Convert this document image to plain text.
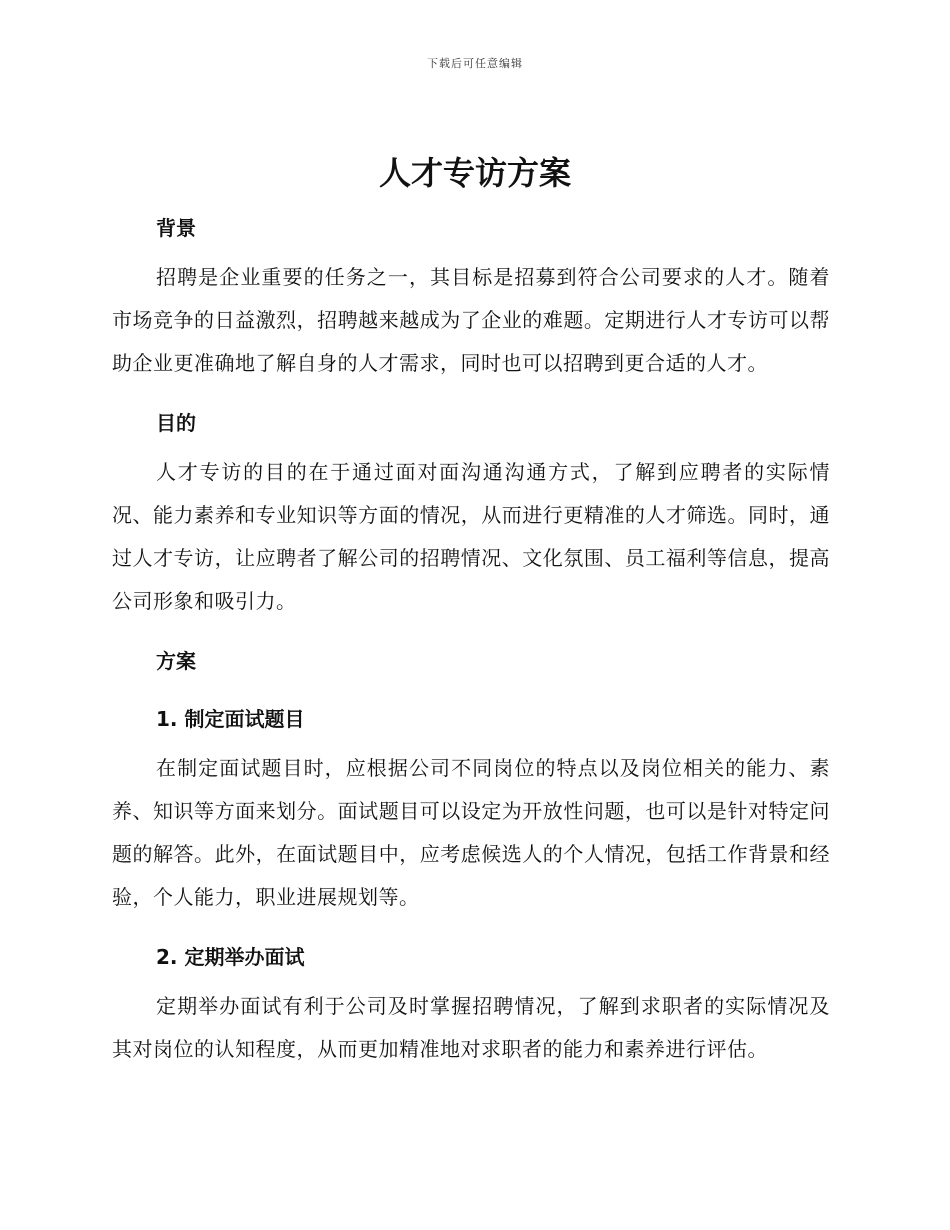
下载后可任意编辑
人才专访方案
背景

招聘是企业重要的任务之一，其目标是招募到符合公司要求的人才。随着市场竞争的日益激烈，招聘越来越成为了企业的难题。定期进行人才专访可以帮助企业更准确地了解自身的人才需求，同时也可以招聘到更合适的人才。

目的

人才专访的目的在于通过面对面沟通沟通方式，了解到应聘者的实际情况、能力素养和专业知识等方面的情况，从而进行更精准的人才筛选。同时，通过人才专访，让应聘者了解公司的招聘情况、文化氛围、员工福利等信息，提高公司形象和吸引力。

方案
1. 制定面试题目

在制定面试题目时，应根据公司不同岗位的特点以及岗位相关的能力、素养、知识等方面来划分。面试题目可以设定为开放性问题，也可以是针对特定问题的解答。此外，在面试题目中，应考虑候选人的个人情况，包括工作背景和经验，个人能力，职业进展规划等。

2. 定期举办面试

定期举办面试有利于公司及时掌握招聘情况，了解到求职者的实际情况及其对岗位的认知程度，从而更加精准地对求职者的能力和素养进行评估。
